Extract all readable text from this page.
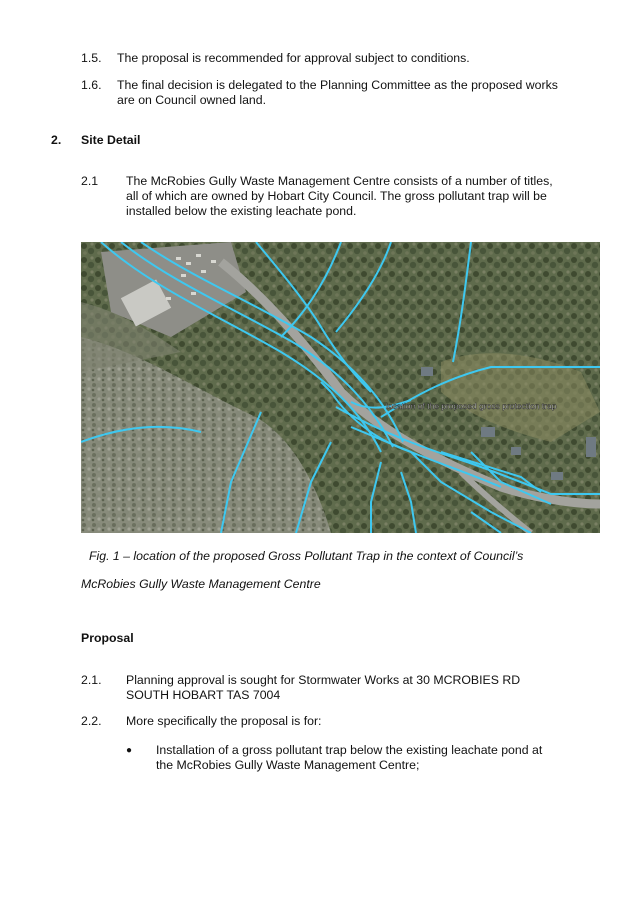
1.5. The proposal is recommended for approval subject to conditions.
1.6. The final decision is delegated to the Planning Committee as the proposed works
are on Council owned land.
2. Site Detail
2.1 The McRobies Gully Waste Management Centre consists of a number of titles,
all of which are owned by Hobart City Council. The gross pollutant trap will be
installed below the existing leachate pond.
location of the proposed gross protection trap
Fig. 1 – location of the proposed Gross Pollutant Trap in the context of Council’s
McRobies Gully Waste Management Centre
Proposal
2.1. Planning approval is sought for Stormwater Works at 30 MCROBIES RD
SOUTH HOBART TAS 7004
2.2. More specifically the proposal is for:
● Installation of a gross pollutant trap below the existing leachate pond at
the McRobies Gully Waste Management Centre;
